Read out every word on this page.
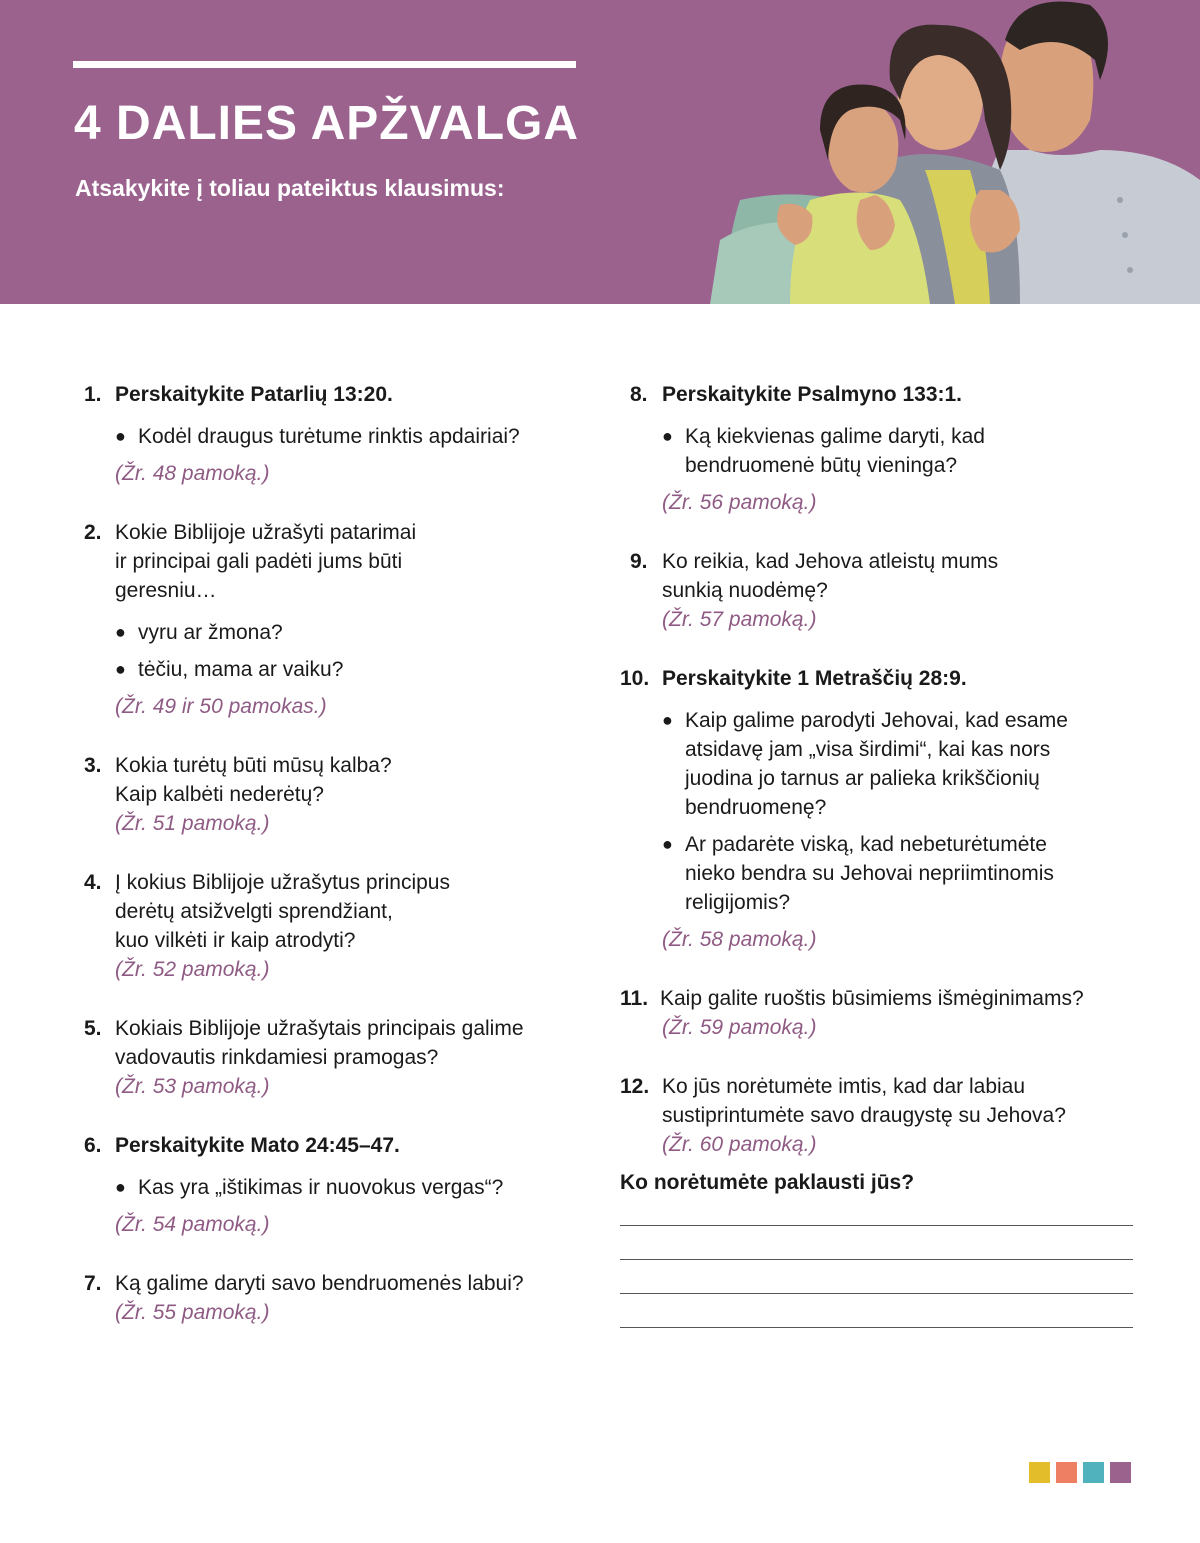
4 DALIES APŽVALGA

Atsakykite į toliau pateiktus klausimus:

1. Perskaitykite Patarlių 13:20.
● Kodėl draugus turėtume rinktis apdairiai?
(Žr. 48 pamoką.)
2. Kokie Biblijoje užrašyti patarimai
ir principai gali padėti jums būti
geresniu…
● vyru ar žmona?
● tėčiu, mama ar vaiku?
(Žr. 49 ir 50 pamokas.)
3. Kokia turėtų būti mūsų kalba?
Kaip kalbėti nederėtų?
(Žr. 51 pamoką.)
4. Į kokius Biblijoje užrašytus principus
derėtų atsižvelgti sprendžiant,
kuo vilkėti ir kaip atrodyti?
(Žr. 52 pamoką.)
5. Kokiais Biblijoje užrašytais principais galime
vadovautis rinkdamiesi pramogas?
(Žr. 53 pamoką.)
6. Perskaitykite Mato 24:45–47.
● Kas yra „ištikimas ir nuovokus vergas“?
(Žr. 54 pamoką.)
7. Ką galime daryti savo bendruomenės labui?
(Žr. 55 pamoką.)
8. Perskaitykite Psalmyno 133:1.
● Ką kiekvienas galime daryti, kad
bendruomenė būtų vieninga?
(Žr. 56 pamoką.)
9. Ko reikia, kad Jehova atleistų mums
sunkią nuodėmę?
(Žr. 57 pamoką.)
10. Perskaitykite 1 Metraščių 28:9.
● Kaip galime parodyti Jehovai, kad esame
atsidavę jam „visa širdimi“, kai kas nors
juodina jo tarnus ar palieka krikščionių
bendruomenę?
● Ar padarėte viską, kad nebeturėtumėte
nieko bendra su Jehovai nepriimtinomis
religijomis?
(Žr. 58 pamoką.)
11. Kaip galite ruoštis būsimiems išmėginimams?
(Žr. 59 pamoką.)
12. Ko jūs norėtumėte imtis, kad dar labiau
sustiprintumėte savo draugystę su Jehova?
(Žr. 60 pamoką.)
Ko norėtumėte paklausti jūs?
